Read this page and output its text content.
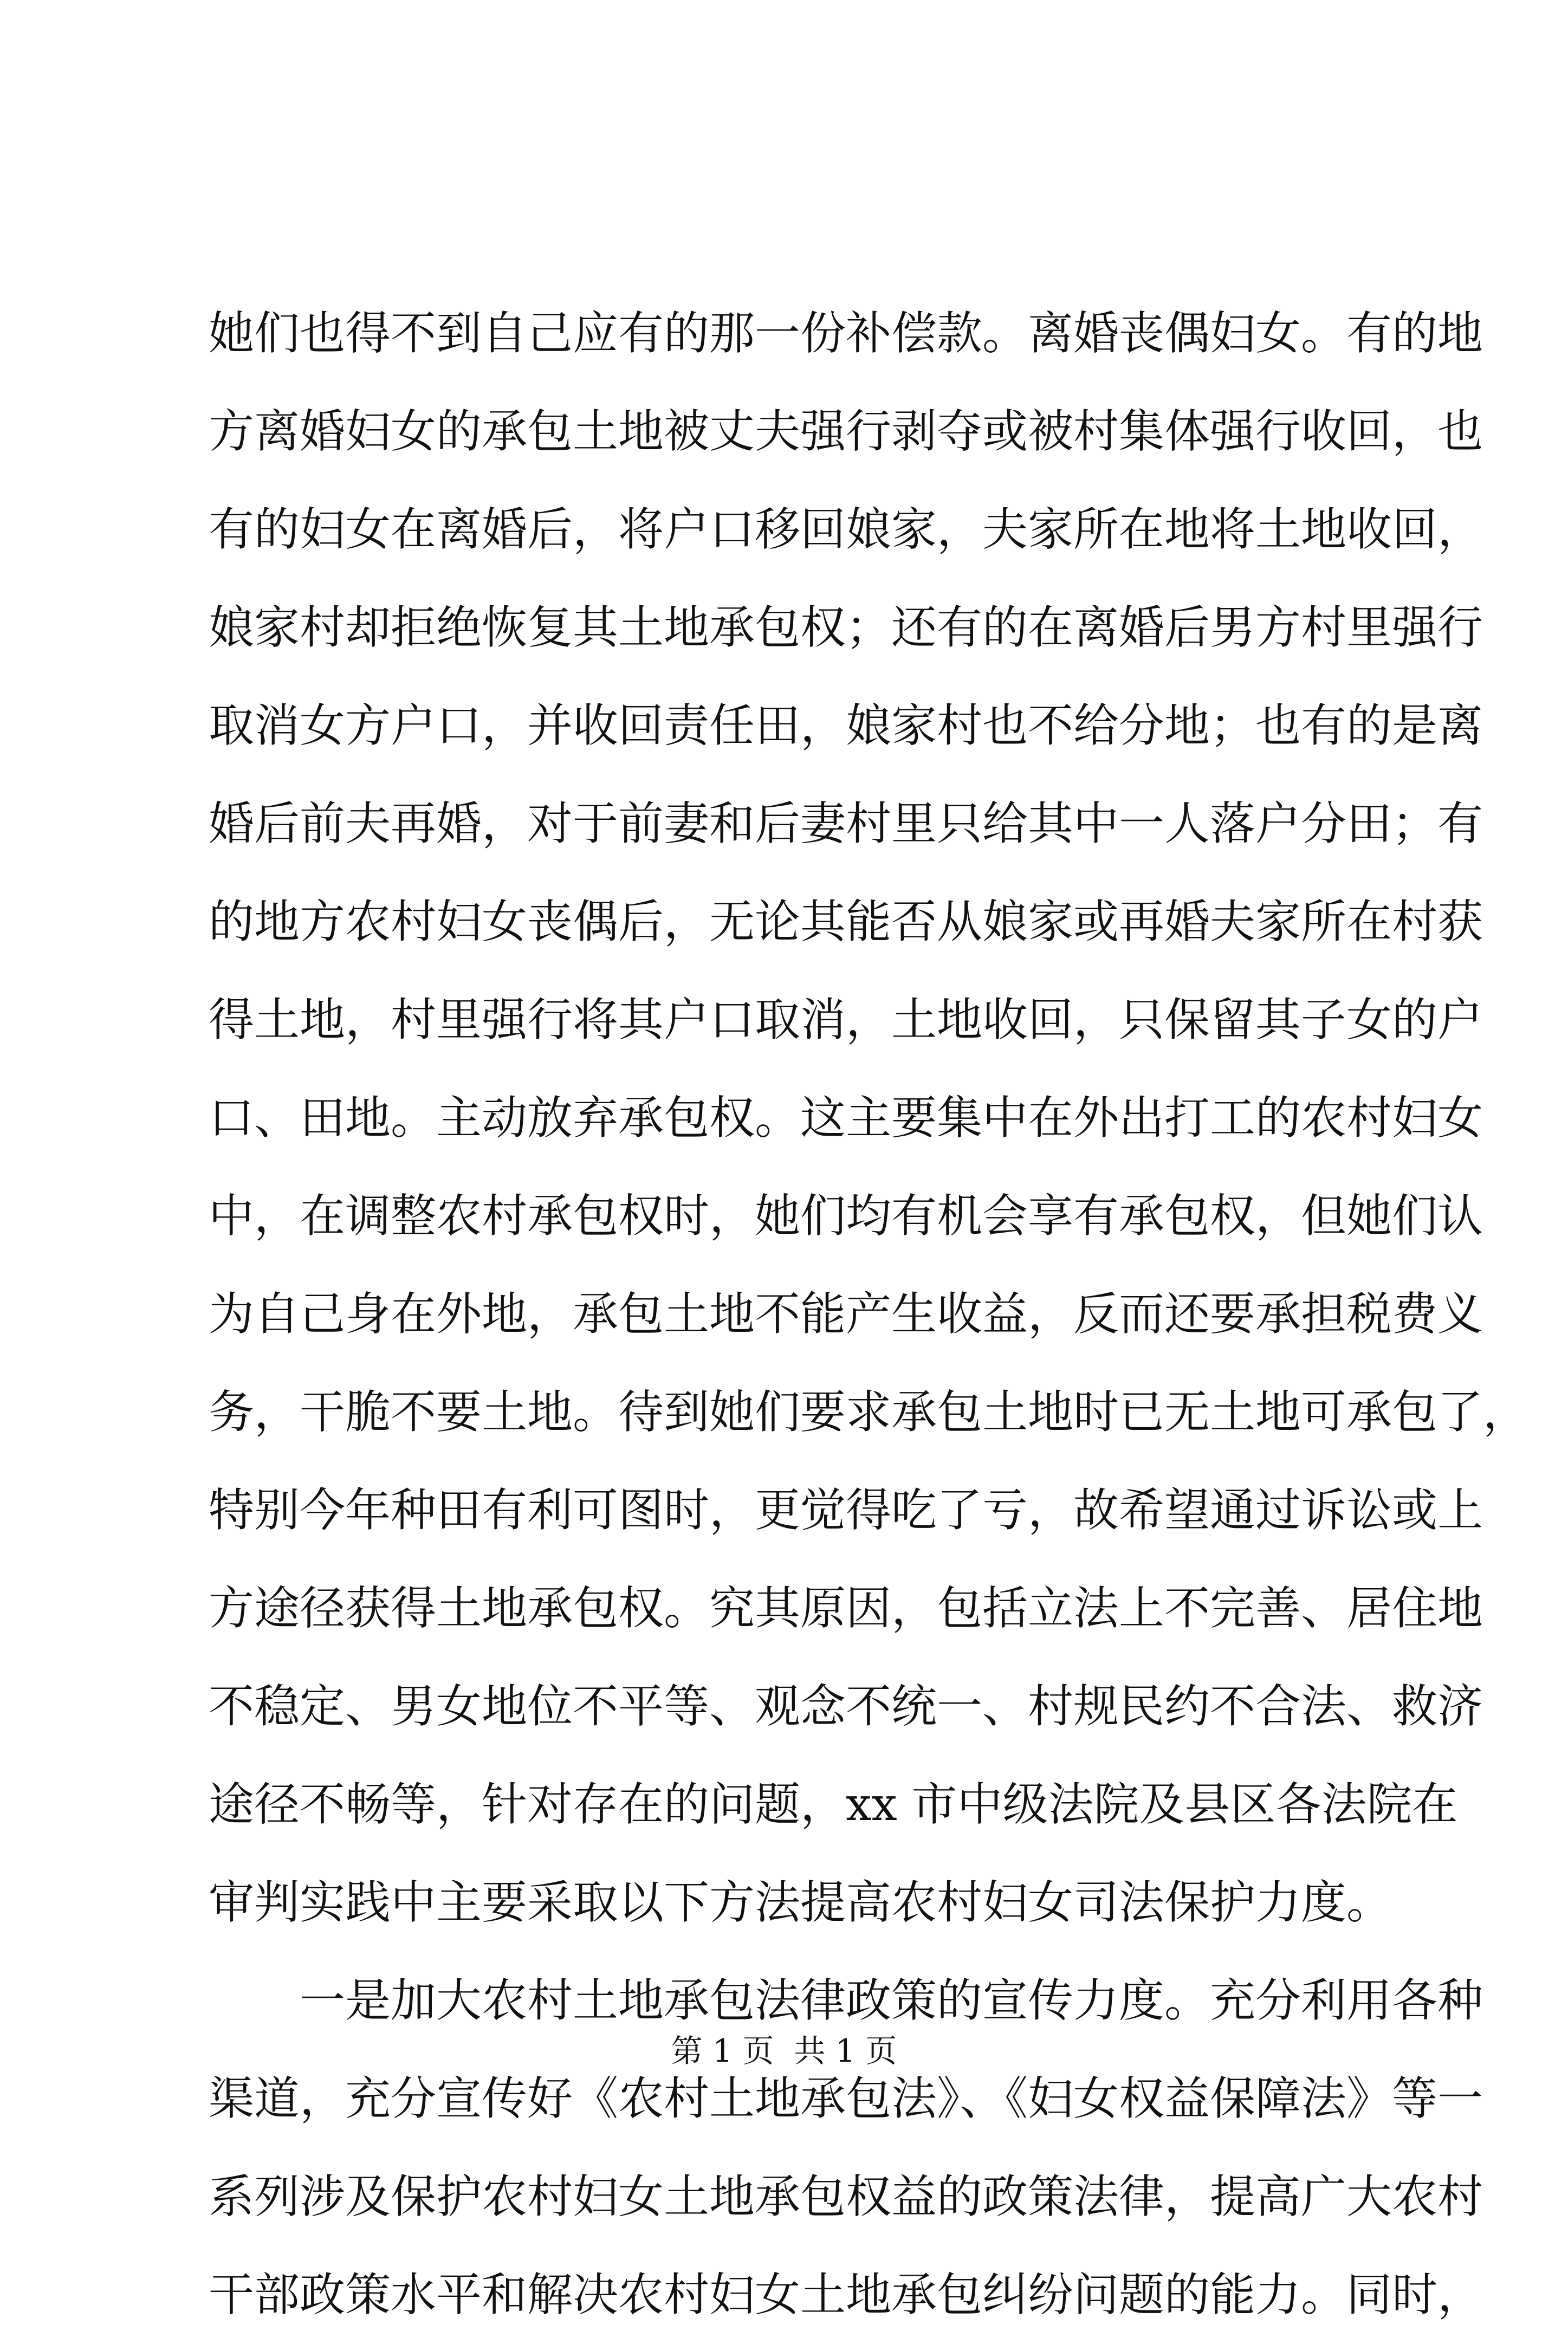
她们也得不到自己应有的那一份补偿款。离婚丧偶妇女。有的地
方离婚妇女的承包土地被丈夫强行剥夺或被村集体强行收回，也
有的妇女在离婚后，将户口移回娘家，夫家所在地将土地收回，
娘家村却拒绝恢复其土地承包权；还有的在离婚后男方村里强行
取消女方户口，并收回责任田，娘家村也不给分地；也有的是离
婚后前夫再婚，对于前妻和后妻村里只给其中一人落户分田；有
的地方农村妇女丧偶后，无论其能否从娘家或再婚夫家所在村获
得土地，村里强行将其户口取消，土地收回，只保留其子女的户
口、田地。主动放弃承包权。这主要集中在外出打工的农村妇女
中，在调整农村承包权时，她们均有机会享有承包权，但她们认
为自己身在外地，承包土地不能产生收益，反而还要承担税费义
务，干脆不要土地。待到她们要求承包土地时已无土地可承包了，
特别今年种田有利可图时，更觉得吃了亏，故希望通过诉讼或上
方途径获得土地承包权。究其原因，包括立法上不完善、居住地
不稳定、男女地位不平等、观念不统一、村规民约不合法、救济
途径不畅等，针对存在的问题，xx 市中级法院及县区各法院在
审判实践中主要采取以下方法提高农村妇女司法保护力度。
一是加大农村土地承包法律政策的宣传力度。充分利用各种
渠道，充分宣传好《农村土地承包法》、《妇女权益保障法》等一
系列涉及保护农村妇女土地承包权益的政策法律，提高广大农村
干部政策水平和解决农村妇女土地承包纠纷问题的能力。同时，
第 1 页  共 1 页
